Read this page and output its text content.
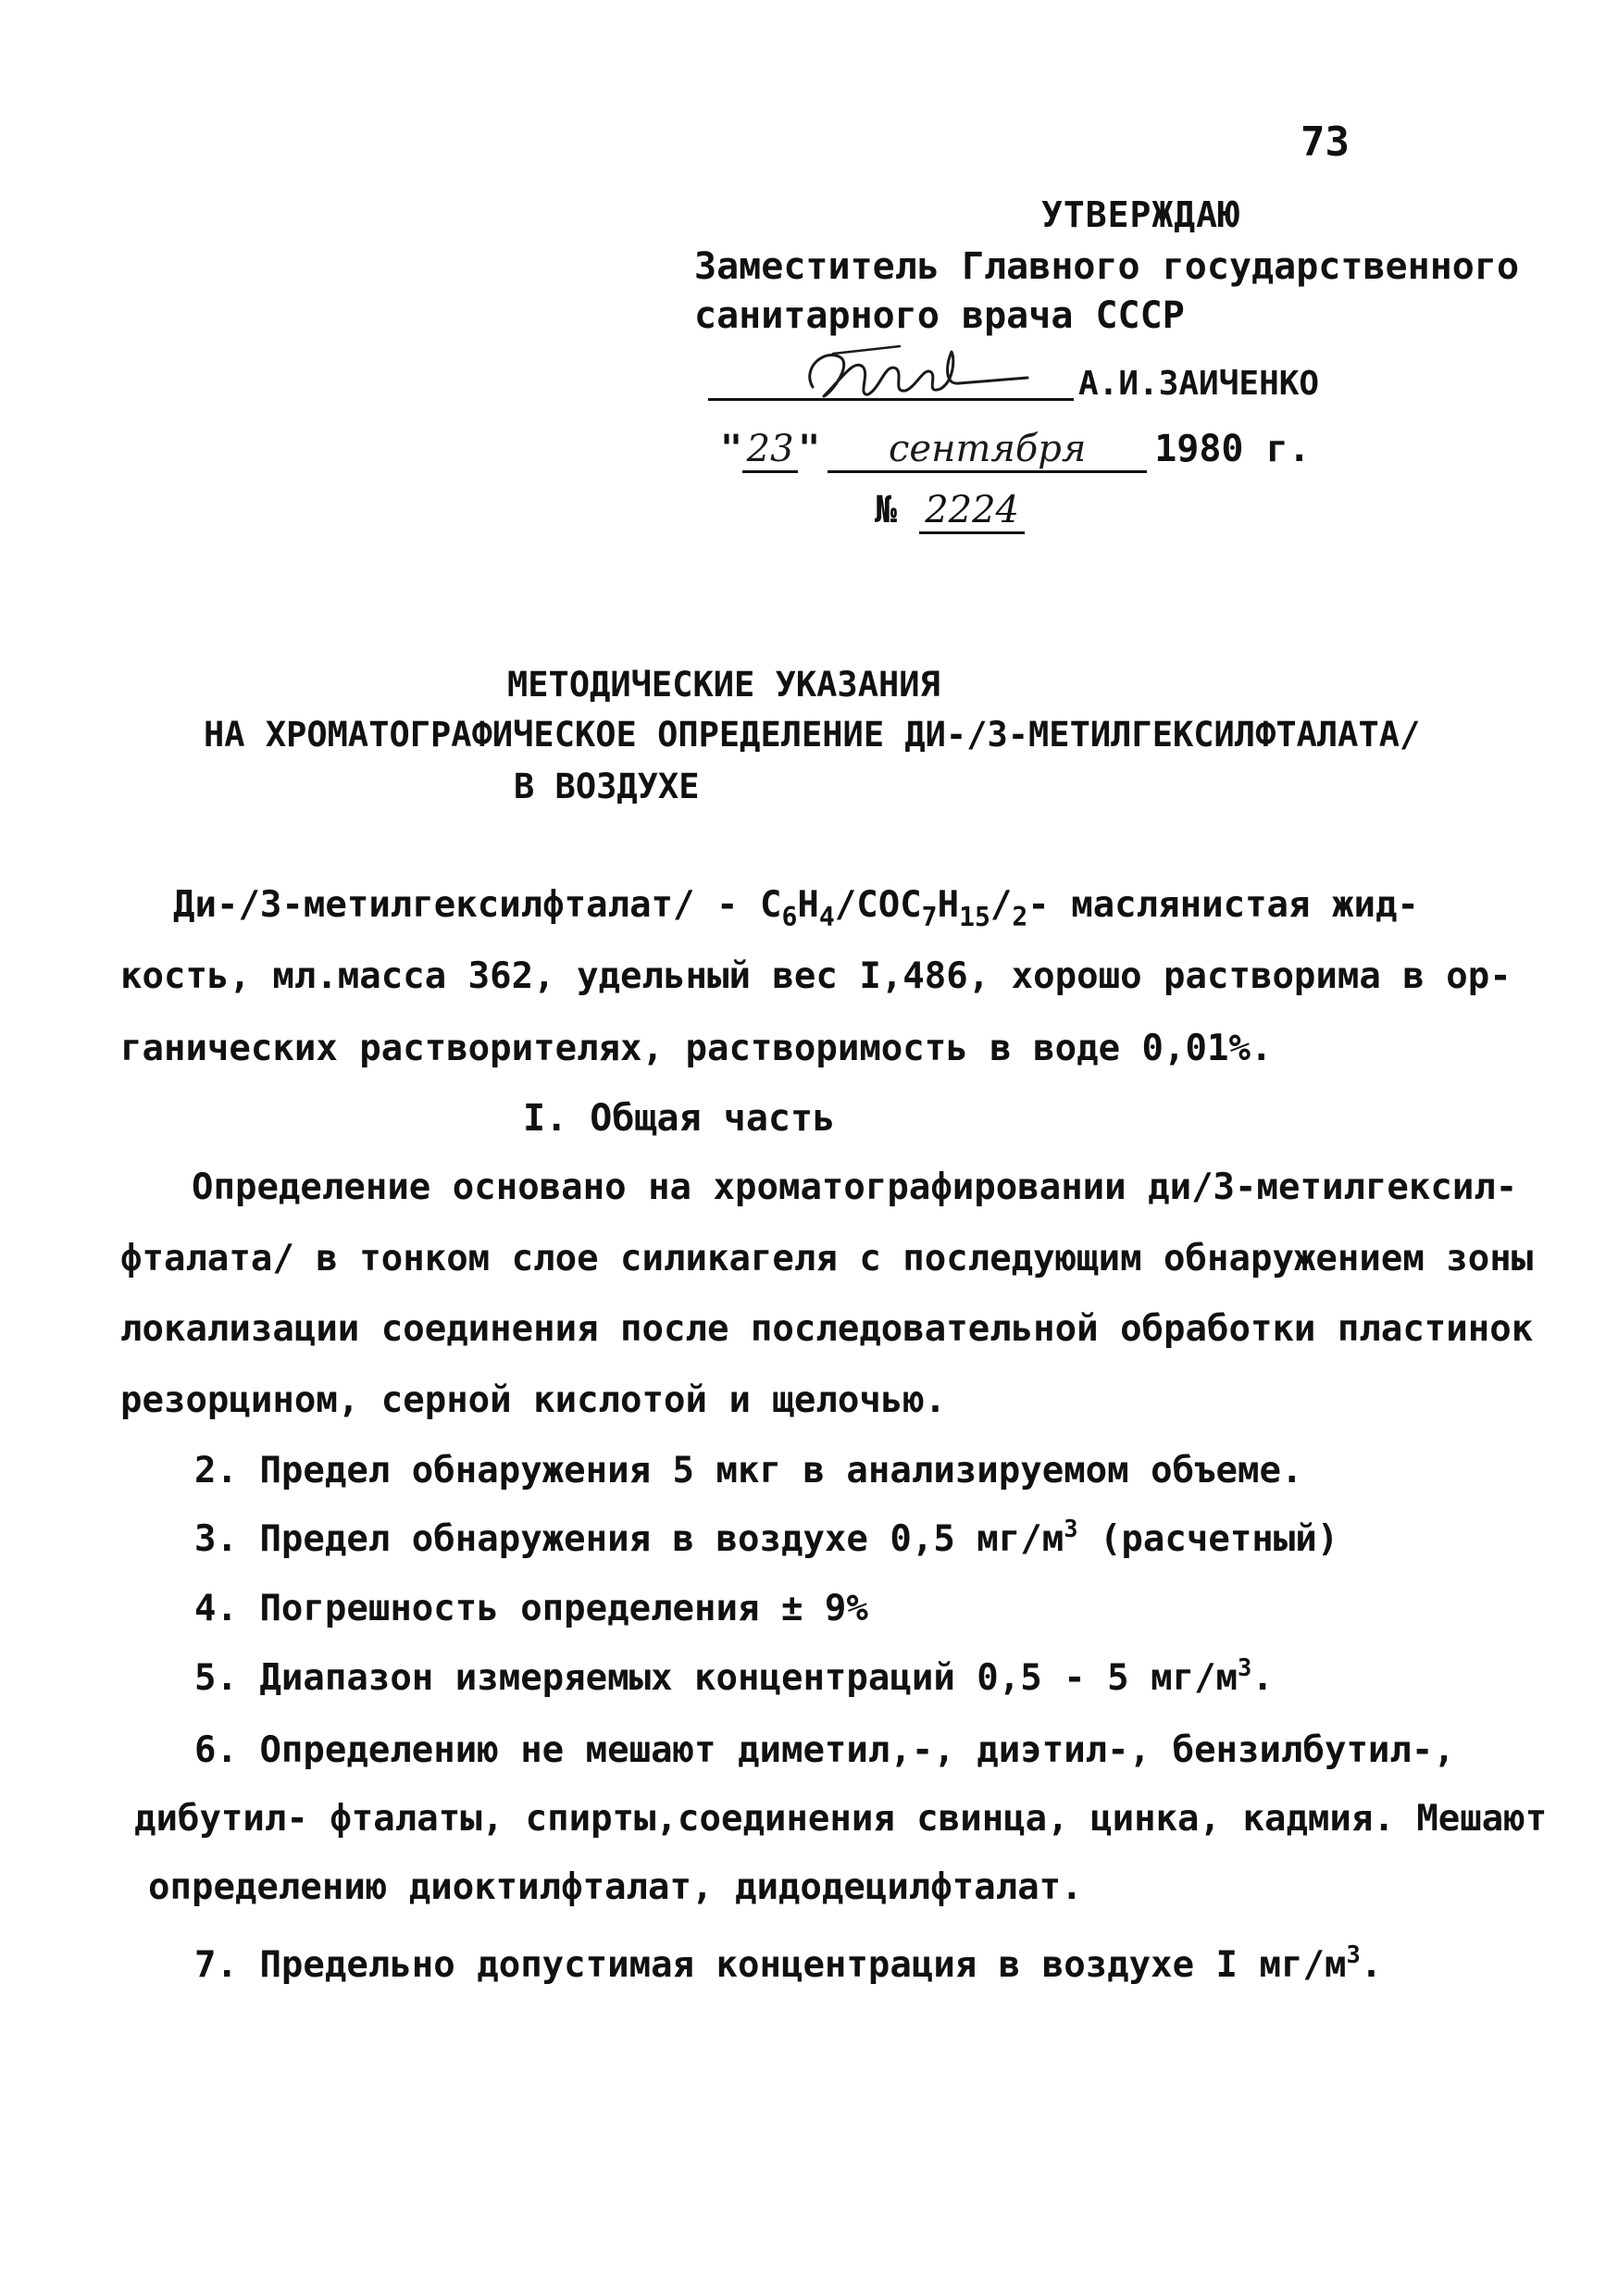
73
УТВЕРЖДАЮ
Заместитель Главного государственного
санитарного врача СССР
А.И.ЗАИЧЕНКО
" 23 " сентября 1980 г.
№ 2224
МЕТОДИЧЕСКИЕ УКАЗАНИЯ
НА ХРОМАТОГРАФИЧЕСКОЕ ОПРЕДЕЛЕНИЕ ДИ-/3-МЕТИЛГЕКСИЛФТАЛАТА/
В ВОЗДУХЕ
Ди-/3-метилгексилфталат/ - $C_6H_4/COC_7H_{15}/_2-$ маслянистая жид-
кость, мл.масса 362, удельный вес I,486, хорошо растворима в ор-
ганических растворителях, растворимость в воде 0,01%.
I. Общая часть
Определение основано на хроматографировании ди/3-метилгексил-
фталата/ в тонком слое силикагеля с последующим обнаружением зоны
локализации соединения после последовательной обработки пластинок
резорцином, серной кислотой и щелочью.
2. Предел обнаружения 5 мкг в анализируемом объеме.
3. Предел обнаружения в воздухе 0,5 $мг/м^3$ (расчетный)
4. Погрешность определения ± 9%
5. Диапазон измеряемых концентраций 0,5 - 5 $мг/м^3$.
6. Определению не мешают диметил,-, диэтил-, бензилбутил-,
дибутил- фталаты, спирты,соединения свинца, цинка, кадмия. Мешают
определению диоктилфталат, дидодецилфталат.
7. Предельно допустимая концентрация в воздухе I $мг/м^3$.
